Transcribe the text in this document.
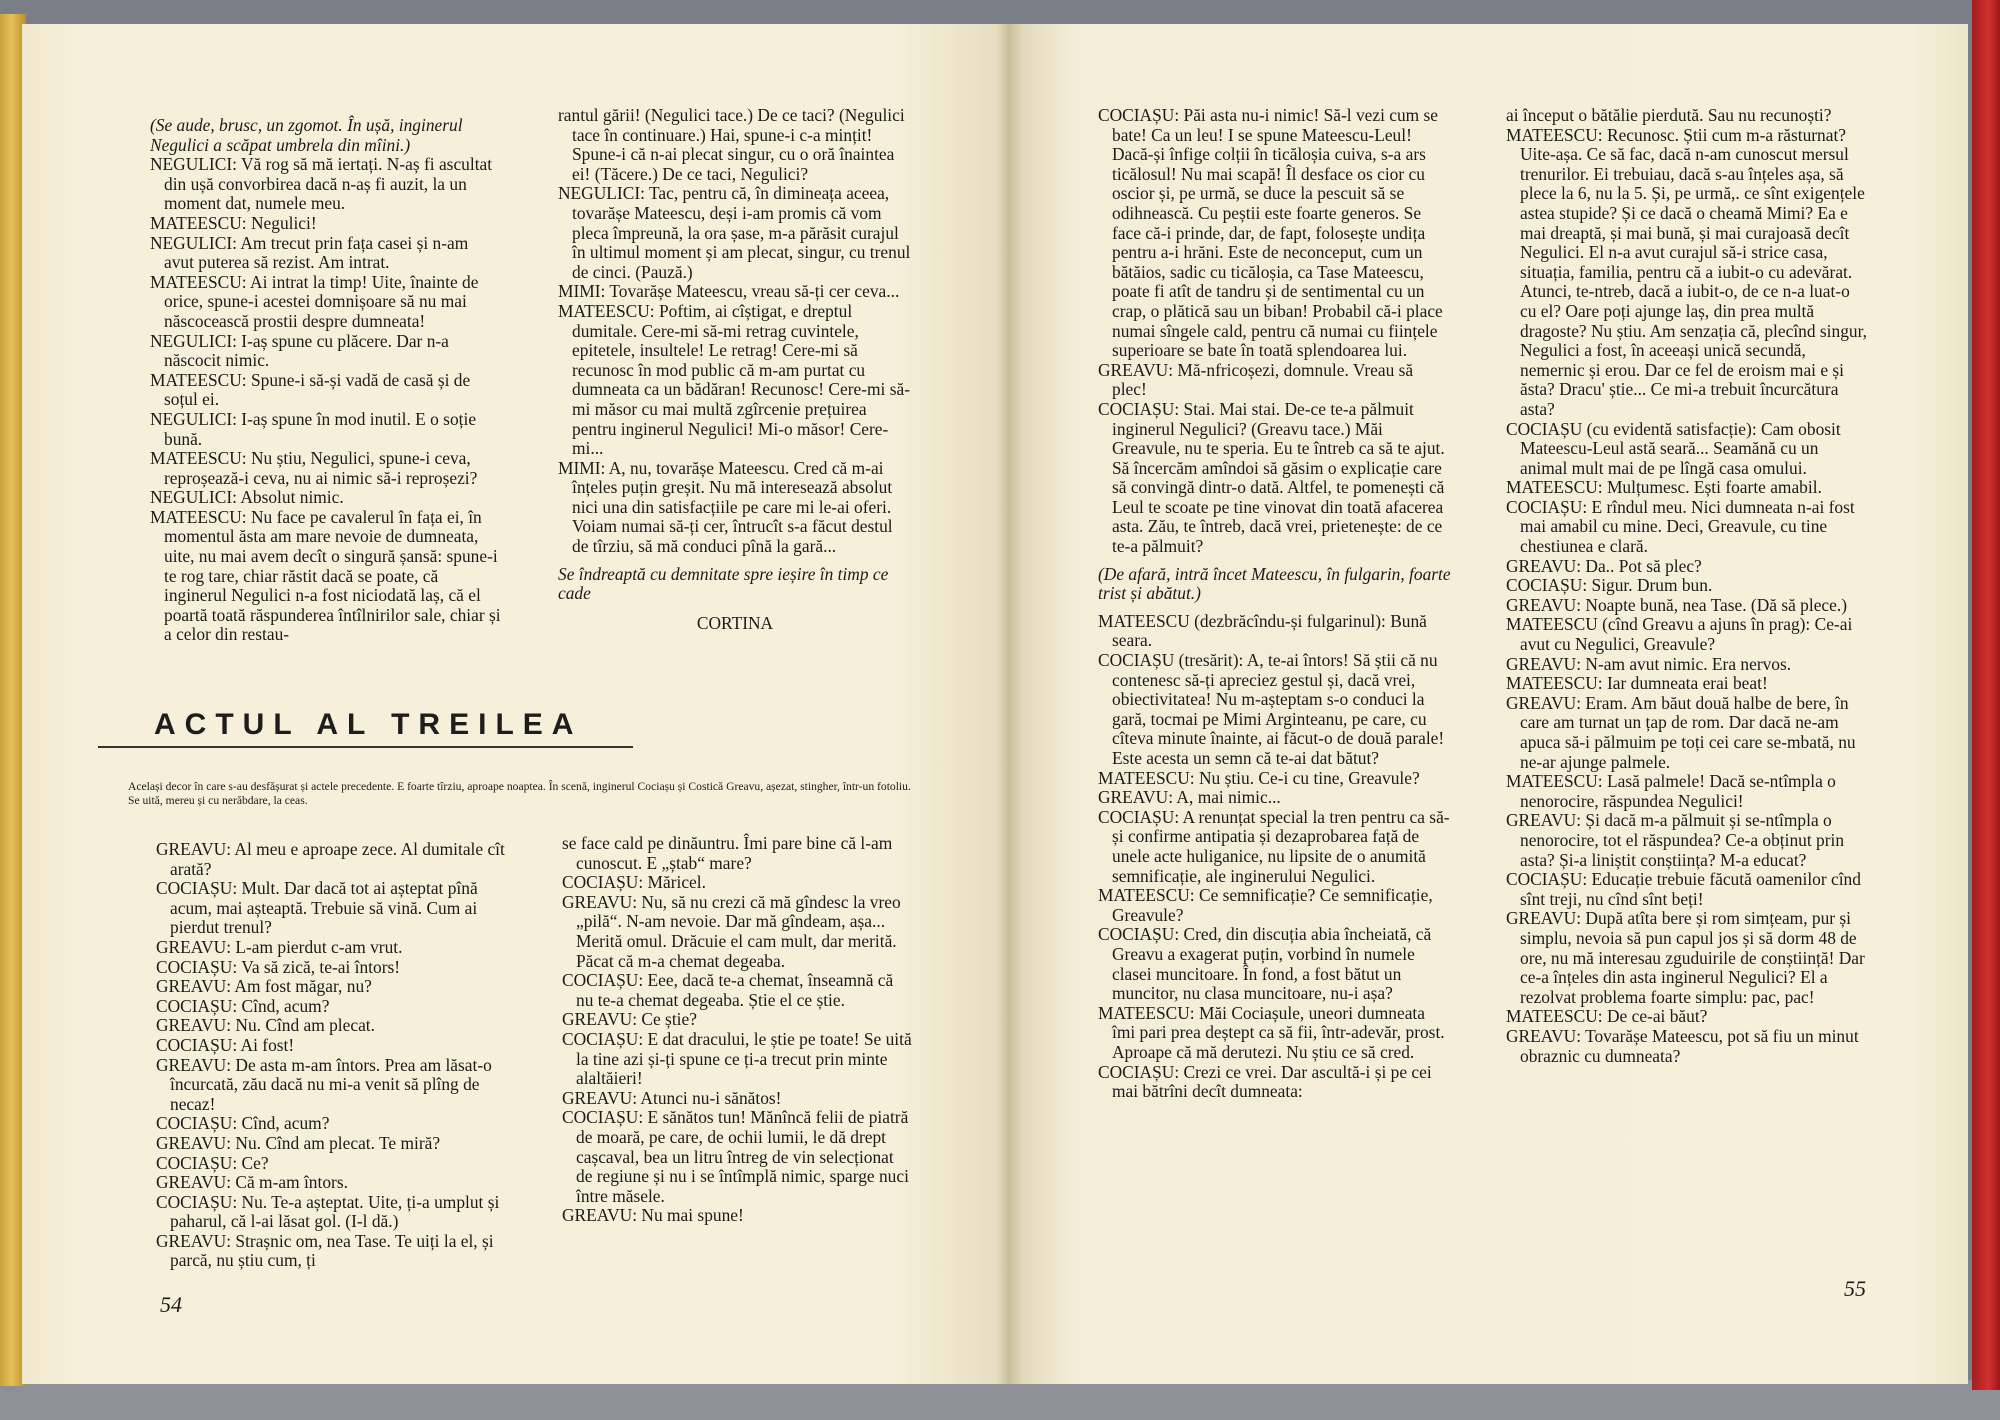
(Se aude, brusc, un zgomot. În ușă, inginerul Negulici a scăpat umbrela din mîini.)

NEGULICI: Vă rog să mă iertați. N-aș fi ascultat din ușă convorbirea dacă n-aș fi auzit, la un moment dat, numele meu.

MATEESCU: Negulici!

NEGULICI: Am trecut prin fața casei și n-am avut puterea să rezist. Am intrat.

MATEESCU: Ai intrat la timp! Uite, înainte de orice, spune-i acestei domnișoare să nu mai născocească prostii despre dumneata!

NEGULICI: I-aș spune cu plăcere. Dar n-a născocit nimic.

MATEESCU: Spune-i să-și vadă de casă și de soțul ei.

NEGULICI: I-aș spune în mod inutil. E o soție bună.

MATEESCU: Nu știu, Negulici, spune-i ceva, reproșează-i ceva, nu ai nimic să-i reproșezi?

NEGULICI: Absolut nimic.

MATEESCU: Nu face pe cavalerul în fața ei, în momentul ăsta am mare nevoie de dumneata, uite, nu mai avem decît o singură șansă: spune-i te rog tare, chiar răstit dacă se poate, că inginerul Negulici n-a fost niciodată laș, că el poartă toată răspunderea întîlnirilor sale, chiar și a celor din restau-

rantul gării! (Negulici tace.) De ce taci? (Negulici tace în continuare.) Hai, spune-i c-a mințit! Spune-i că n-ai plecat singur, cu o oră înaintea ei! (Tăcere.) De ce taci, Negulici?

NEGULICI: Tac, pentru că, în dimineața aceea, tovarășe Mateescu, deși i-am promis că vom pleca împreună, la ora șase, m-a părăsit curajul în ultimul moment și am plecat, singur, cu trenul de cinci. (Pauză.)

MIMI: Tovarășe Mateescu, vreau să-ți cer ceva...

MATEESCU: Poftim, ai cîștigat, e dreptul dumitale. Cere-mi să-mi retrag cuvintele, epitetele, insultele! Le retrag! Cere-mi să recunosc în mod public că m-am purtat cu dumneata ca un bădăran! Recunosc! Cere-mi să-mi măsor cu mai multă zgîrcenie prețuirea pentru inginerul Negulici! Mi-o măsor! Cere-mi...

MIMI: A, nu, tovarășe Mateescu. Cred că m-ai înțeles puțin greșit. Nu mă interesează absolut nici una din satisfacțiile pe care mi le-ai oferi. Voiam numai să-ți cer, întrucît s-a făcut destul de tîrziu, să mă conduci pînă la gară...

Se îndreaptă cu demnitate spre ieșire în timp ce cade

CORTINA

ACTUL AL TREILEA
Același decor în care s-au desfășurat și actele precedente. E foarte tîrziu, aproape noaptea. În scenă, inginerul Cociașu și Costică Greavu, așezat, stingher, într-un fotoliu. Se uită, mereu și cu nerăbdare, la ceas.

GREAVU: Al meu e aproape zece. Al dumitale cît arată?

COCIAȘU: Mult. Dar dacă tot ai așteptat pînă acum, mai așteaptă. Trebuie să vină. Cum ai pierdut trenul?

GREAVU: L-am pierdut c-am vrut.

COCIAȘU: Va să zică, te-ai întors!

GREAVU: Am fost măgar, nu?

COCIAȘU: Cînd, acum?

GREAVU: Nu. Cînd am plecat.

COCIAȘU: Ai fost!

GREAVU: De asta m-am întors. Prea am lăsat-o încurcată, zău dacă nu mi-a venit să plîng de necaz!

COCIAȘU: Cînd, acum?

GREAVU: Nu. Cînd am plecat. Te miră?

COCIAȘU: Ce?

GREAVU: Că m-am întors.

COCIAȘU: Nu. Te-a așteptat. Uite, ți-a umplut și paharul, că l-ai lăsat gol. (I-l dă.)

GREAVU: Strașnic om, nea Tase. Te uiți la el, și parcă, nu știu cum, ți

se face cald pe dinăuntru. Îmi pare bine că l-am cunoscut. E „ștab“ mare?

COCIAȘU: Măricel.

GREAVU: Nu, să nu crezi că mă gîndesc la vreo „pilă“. N-am nevoie. Dar mă gîndeam, așa... Merită omul. Drăcuie el cam mult, dar merită. Păcat că m-a chemat degeaba.

COCIAȘU: Eee, dacă te-a chemat, înseamnă că nu te-a chemat degeaba. Știe el ce știe.

GREAVU: Ce știe?

COCIAȘU: E dat dracului, le știe pe toate! Se uită la tine azi și-ți spune ce ți-a trecut prin minte alaltăieri!

GREAVU: Atunci nu-i sănătos!

COCIAȘU: E sănătos tun! Mănîncă felii de piatră de moară, pe care, de ochii lumii, le dă drept cașcaval, bea un litru întreg de vin selecționat de regiune și nu i se întîmplă nimic, sparge nuci între măsele.

GREAVU: Nu mai spune!

54

COCIAȘU: Păi asta nu-i nimic! Să-l vezi cum se bate! Ca un leu! I se spune Mateescu-Leul! Dacă-și înfige colții în ticăloșia cuiva, s-a ars ticălosul! Nu mai scapă! Îl desface os cior cu oscior și, pe urmă, se duce la pescuit să se odihnească. Cu peștii este foarte generos. Se face că-i prinde, dar, de fapt, folosește undița pentru a-i hrăni. Este de neconceput, cum un bătăios, sadic cu ticăloșia, ca Tase Mateescu, poate fi atît de tandru și de sentimental cu un crap, o plătică sau un biban! Probabil că-i place numai sîngele cald, pentru că numai cu ființele superioare se bate în toată splendoarea lui.

GREAVU: Mă-nfricoșezi, domnule. Vreau să plec!

COCIAȘU: Stai. Mai stai. De-ce te-a pălmuit inginerul Negulici? (Greavu tace.) Măi Greavule, nu te speria. Eu te întreb ca să te ajut. Să încercăm amîndoi să găsim o explicație care să convingă dintr-o dată. Altfel, te pomenești că Leul te scoate pe tine vinovat din toată afacerea asta. Zău, te întreb, dacă vrei, prietenește: de ce te-a pălmuit?

(De afară, intră încet Mateescu, în fulgarin, foarte trist și abătut.)

MATEESCU (dezbrăcîndu-și fulgarinul): Bună seara.

COCIAȘU (tresărit): A, te-ai întors! Să știi că nu contenesc să-ți apreciez gestul și, dacă vrei, obiectivitatea! Nu m-așteptam s-o conduci la gară, tocmai pe Mimi Arginteanu, pe care, cu cîteva minute înainte, ai făcut-o de două parale! Este acesta un semn că te-ai dat bătut?

MATEESCU: Nu știu. Ce-i cu tine, Greavule?

GREAVU: A, mai nimic...

COCIAȘU: A renunțat special la tren pentru ca să-și confirme antipatia și dezaprobarea față de unele acte huliganice, nu lipsite de o anumită semnificație, ale inginerului Negulici.

MATEESCU: Ce semnificație? Ce semnificație, Greavule?

COCIAȘU: Cred, din discuția abia încheiată, că Greavu a exagerat puțin, vorbind în numele clasei muncitoare. În fond, a fost bătut un muncitor, nu clasa muncitoare, nu-i așa?

MATEESCU: Măi Cociașule, uneori dumneata îmi pari prea deștept ca să fii, într-adevăr, prost. Aproape că mă derutezi. Nu știu ce să cred.

COCIAȘU: Crezi ce vrei. Dar ascultă-i și pe cei mai bătrîni decît dumneata:

ai început o bătălie pierdută. Sau nu recunoști?

MATEESCU: Recunosc. Știi cum m-a răsturnat? Uite-așa. Ce să fac, dacă n-am cunoscut mersul trenurilor. Ei trebuiau, dacă s-au înțeles așa, să plece la 6, nu la 5. Și, pe urmă,. ce sînt exigențele astea stupide? Și ce dacă o cheamă Mimi? Ea e mai dreaptă, și mai bună, și mai curajoasă decît Negulici. El n-a avut curajul să-i strice casa, situația, familia, pentru că a iubit-o cu adevărat. Atunci, te-ntreb, dacă a iubit-o, de ce n-a luat-o cu el? Oare poți ajunge laș, din prea multă dragoste? Nu știu. Am senzația că, plecînd singur, Negulici a fost, în aceeași unică secundă, nemernic și erou. Dar ce fel de eroism mai e și ăsta? Dracu' știe... Ce mi-a trebuit încurcătura asta?

COCIAȘU (cu evidentă satisfacție): Cam obosit Mateescu-Leul astă seară... Seamănă cu un animal mult mai de pe lîngă casa omului.

MATEESCU: Mulțumesc. Ești foarte amabil.

COCIAȘU: E rîndul meu. Nici dumneata n-ai fost mai amabil cu mine. Deci, Greavule, cu tine chestiunea e clară.

GREAVU: Da.. Pot să plec?

COCIAȘU: Sigur. Drum bun.

GREAVU: Noapte bună, nea Tase. (Dă să plece.)

MATEESCU (cînd Greavu a ajuns în prag): Ce-ai avut cu Negulici, Greavule?

GREAVU: N-am avut nimic. Era nervos.

MATEESCU: Iar dumneata erai beat!

GREAVU: Eram. Am băut două halbe de bere, în care am turnat un țap de rom. Dar dacă ne-am apuca să-i pălmuim pe toți cei care se-mbată, nu ne-ar ajunge palmele.

MATEESCU: Lasă palmele! Dacă se-ntîmpla o nenorocire, răspundea Negulici!

GREAVU: Și dacă m-a pălmuit și se-ntîmpla o nenorocire, tot el răspundea? Ce-a obținut prin asta? Și-a liniștit conștiința? M-a educat?

COCIAȘU: Educație trebuie făcută oamenilor cînd sînt treji, nu cînd sînt beți!

GREAVU: După atîta bere și rom simțeam, pur și simplu, nevoia să pun capul jos și să dorm 48 de ore, nu mă interesau zguduirile de conștiință! Dar ce-a înțeles din asta inginerul Negulici? El a rezolvat problema foarte simplu: pac, pac!

MATEESCU: De ce-ai băut?

GREAVU: Tovarășe Mateescu, pot să fiu un minut obraznic cu dumneata?

55
